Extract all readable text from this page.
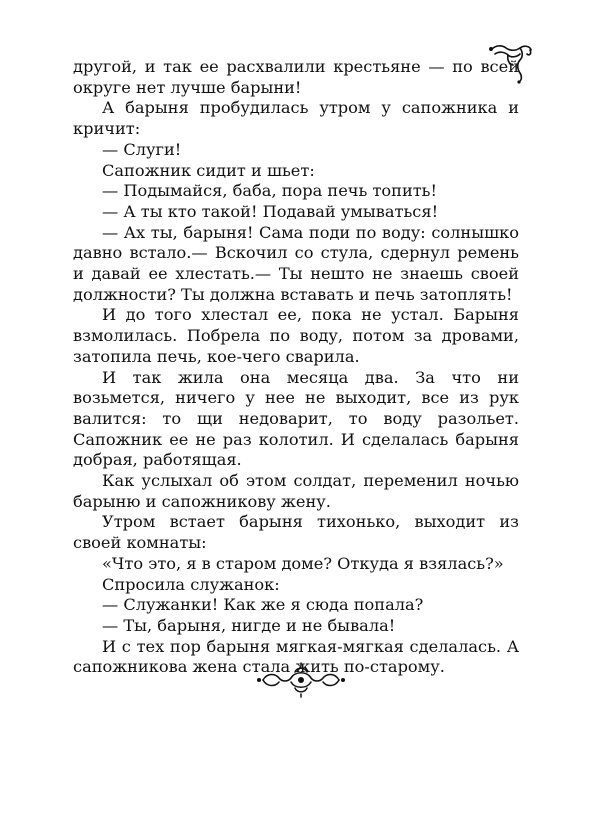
другой, и так ее расхвалили крестьяне — по всей округе нет лучше барыни!

А барыня пробудилась утром у сапожника и кричит:

— Слуги!

Сапожник сидит и шьет:

— Подымайся, баба, пора печь топить!

— А ты кто такой! Подавай умываться!

— Ах ты, барыня! Сама поди по воду: солнышко давно встало.— Вскочил со стула, сдернул ремень и давай ее хлестать.— Ты нешто не знаешь своей должности? Ты должна вставать и печь затоплять!

И до того хлестал ее, пока не устал. Барыня взмолилась. Побрела по воду, потом за дровами, затопила печь, кое-чего сварила.

И так жила она месяца два. За что ни возьмется, ничего у нее не выходит, все из рук валится: то щи недоварит, то воду разольет. Сапожник ее не раз колотил. И сделалась барыня добрая, работящая.

Как услыхал об этом солдат, переменил ночью барыню и сапожникову жену.

Утром встает барыня тихонько, выходит из своей комнаты:

«Что это, я в старом доме? Откуда я взялась?»

Спросила служанок:

— Служанки! Как же я сюда попала?

— Ты, барыня, нигде и не бывала!

И с тех пор барыня мягкая-мягкая сделалась. А сапожникова жена стала жить по-старому.
